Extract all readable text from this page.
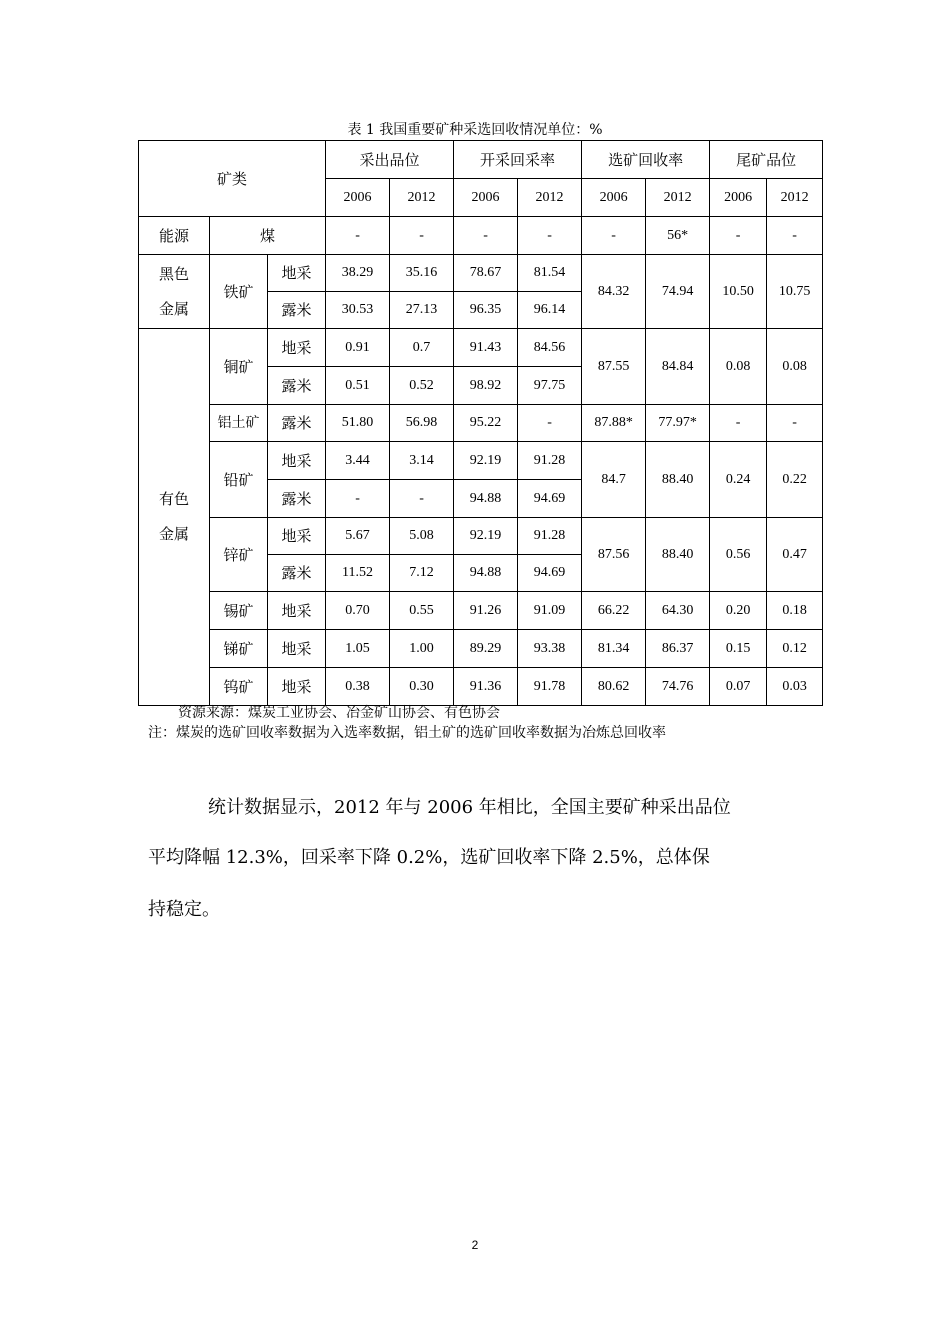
表 1 我国重要矿种采选回收情况单位：%
矿类			采出品位		开采回采率		选矿回收率		尾矿品位	
			2006	2012	2006	2012	2006	2012	2006	2012
能源	煤		-	-	-	-	-	56*	-	-
黑色金属	铁矿	地采	38.29	35.16	78.67	81.54	84.32	74.94	10.50	10.75
		露米	30.53	27.13	96.35	96.14				
有色金属	铜矿	地采	0.91	0.7	91.43	84.56	87.55	84.84	0.08	0.08
		露米	0.51	0.52	98.92	97.75				
	铝土矿	露米	51.80	56.98	95.22	-	87.88*	77.97*	-	-
	铅矿	地采	3.44	3.14	92.19	91.28	84.7	88.40	0.24	0.22
		露米	-	-	94.88	94.69				
	锌矿	地采	5.67	5.08	92.19	91.28	87.56	88.40	0.56	0.47
		露米	11.52	7.12	94.88	94.69				
	锡矿	地采	0.70	0.55	91.26	91.09	66.22	64.30	0.20	0.18
	锑矿	地采	1.05	1.00	89.29	93.38	81.34	86.37	0.15	0.12
	钨矿	地采	0.38	0.30	91.36	91.78	80.62	74.76	0.07	0.03
资源来源：煤炭工业协会、冶金矿山协会、有色协会
注：煤炭的选矿回收率数据为入选率数据，铝土矿的选矿回收率数据为冶炼总回收率
统计数据显示，2012 年与 2006 年相比，全国主要矿种采出品位
平均降幅 12.3%，回采率下降 0.2%，选矿回收率下降 2.5%，总体保
持稳定。
2
